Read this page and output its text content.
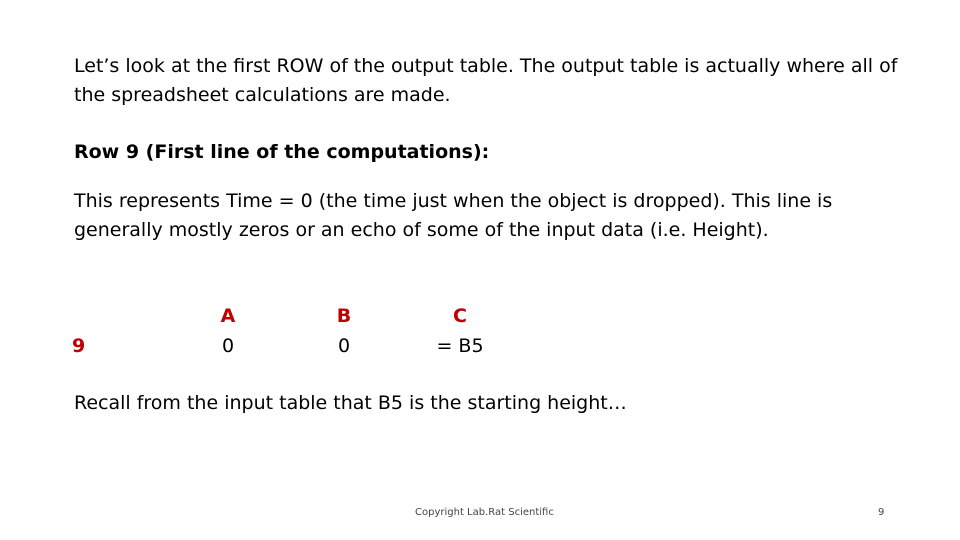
Let’s look at the first ROW of the output table. The output table is actually where all of the spreadsheet calculations are made.

Row 9 (First line of the computations):

This represents Time = 0 (the time just when the object is dropped). This line is generally mostly zeros or an echo of some of the input data (i.e. Height).

9
A
0
B
0
C
= B5

Recall from the input table that B5 is the starting height…

Copyright Lab.Rat Scientific	9
